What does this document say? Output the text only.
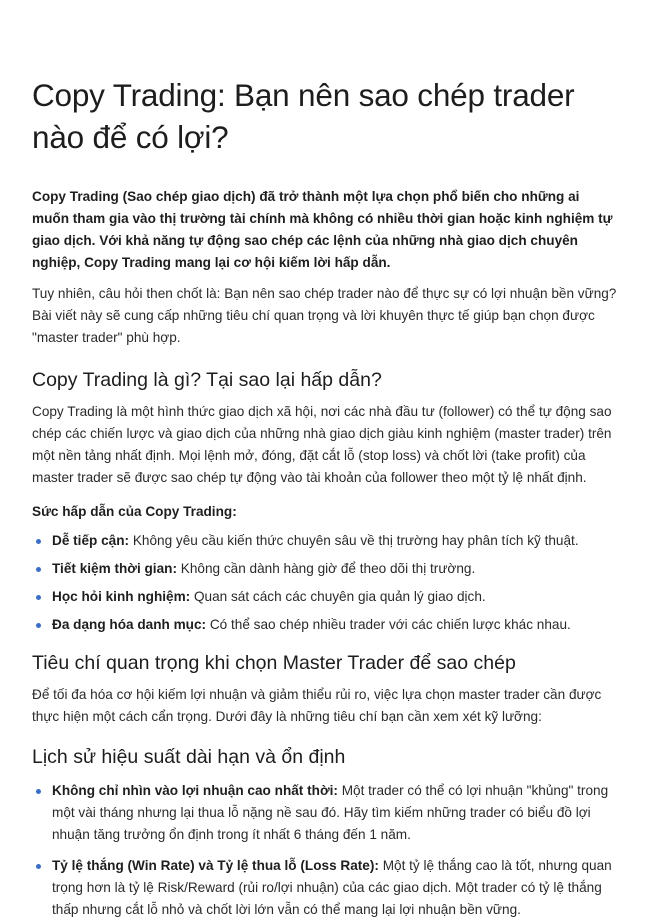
Copy Trading: Bạn nên sao chép trader nào để có lợi?
Copy Trading (Sao chép giao dịch) đã trở thành một lựa chọn phổ biến cho những ai muốn tham gia vào thị trường tài chính mà không có nhiều thời gian hoặc kinh nghiệm tự giao dịch. Với khả năng tự động sao chép các lệnh của những nhà giao dịch chuyên nghiệp, Copy Trading mang lại cơ hội kiếm lời hấp dẫn.

Tuy nhiên, câu hỏi then chốt là: Bạn nên sao chép trader nào để thực sự có lợi nhuận bền vững? Bài viết này sẽ cung cấp những tiêu chí quan trọng và lời khuyên thực tế giúp bạn chọn được "master trader" phù hợp.

Copy Trading là gì? Tại sao lại hấp dẫn?

Copy Trading là một hình thức giao dịch xã hội, nơi các nhà đầu tư (follower) có thể tự động sao chép các chiến lược và giao dịch của những nhà giao dịch giàu kinh nghiệm (master trader) trên một nền tảng nhất định. Mọi lệnh mở, đóng, đặt cắt lỗ (stop loss) và chốt lời (take profit) của master trader sẽ được sao chép tự động vào tài khoản của follower theo một tỷ lệ nhất định.

Sức hấp dẫn của Copy Trading:
Dễ tiếp cận: Không yêu cầu kiến thức chuyên sâu về thị trường hay phân tích kỹ thuật.
Tiết kiệm thời gian: Không cần dành hàng giờ để theo dõi thị trường.
Học hỏi kinh nghiệm: Quan sát cách các chuyên gia quản lý giao dịch.
Đa dạng hóa danh mục: Có thể sao chép nhiều trader với các chiến lược khác nhau.
Tiêu chí quan trọng khi chọn Master Trader để sao chép

Để tối đa hóa cơ hội kiếm lợi nhuận và giảm thiểu rủi ro, việc lựa chọn master trader cần được thực hiện một cách cẩn trọng. Dưới đây là những tiêu chí bạn cần xem xét kỹ lưỡng:

Lịch sử hiệu suất dài hạn và ổn định
Không chỉ nhìn vào lợi nhuận cao nhất thời: Một trader có thể có lợi nhuận "khủng" trong một vài tháng nhưng lại thua lỗ nặng nề sau đó. Hãy tìm kiếm những trader có biểu đồ lợi nhuận tăng trưởng ổn định trong ít nhất 6 tháng đến 1 năm.
Tỷ lệ thắng (Win Rate) và Tỷ lệ thua lỗ (Loss Rate): Một tỷ lệ thắng cao là tốt, nhưng quan trọng hơn là tỷ lệ Risk/Reward (rủi ro/lợi nhuận) của các giao dịch. Một trader có tỷ lệ thắng thấp nhưng cắt lỗ nhỏ và chốt lời lớn vẫn có thể mang lại lợi nhuận bền vững.
